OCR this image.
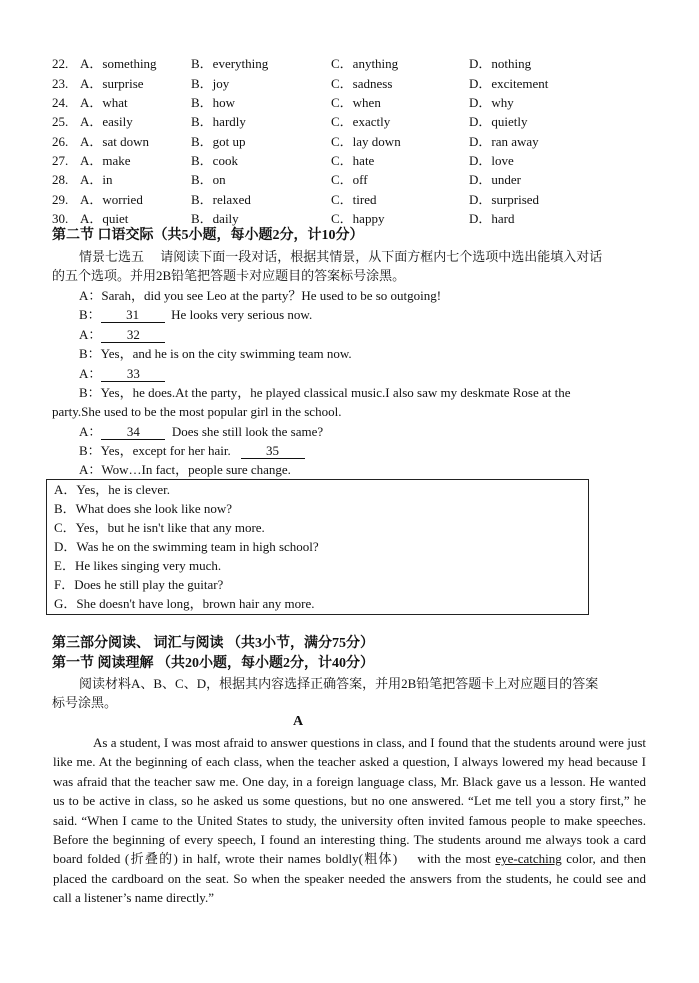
22. A．something	B．everything	C．anything	D．nothing
23. A．surprise	B．joy	C．sadness	D．excitement
24. A．what	B．how	C．when	D．why
25. A．easily	B．hardly	C．exactly	D．quietly
26. A．sat down	B．got up	C．lay down	D．ran away
27. A．make	B．cook	C．hate	D．love
28. A．in	B．on	C．off	D．under
29. A．worried	B．relaxed	C．tired	D．surprised
30. A．quiet	B．daily	C．happy	D．hard
第二节 口语交际（共5小题，每小题2分，计10分）
情景七选五　 请阅读下面一段对话，根据其情景，从下面方框内七个选项中选出能填入对话
的五个选项。并用2B铅笔把答题卡对应题目的答案标号涂黑。
A：Sarah，did you see Leo at the party？He used to be so outgoing!
B： 31 He looks very serious now.
A： 32
B：Yes，and he is on the city swimming team now.
A： 33
B：Yes，he does.At the party，he played classical music.I also saw my deskmate Rose at the
party.She used to be the most popular girl in the school.
A： 34 Does she still look the same?
B：Yes，except for her hair.	35
A：Wow…In fact，people sure change.
A．Yes，he is clever.
B．What does she look like now?
C．Yes，but he isn't like that any more.
D．Was he on the swimming team in high school?
E．He likes singing very much.
F．Does he still play the guitar?
G．She doesn't have long，brown hair any more.
第三部分阅读、 词汇与阅读 （共3小节，满分75分）
第一节 阅读理解 （共20小题，每小题2分，计40分）
阅读材料A、B、C、D，根据其内容选择正确答案，并用2B铅笔把答题卡上对应题目的答案
标号涂黑。
A
As a student, I was most afraid to answer questions in class, and I found that the students around were just like me. At the beginning of each class, when the teacher asked a question, I always lowered my head because I was afraid that the teacher saw me. One day, in a foreign language class, Mr. Black gave us a lesson. He wanted us to be active in class, so he asked us some questions, but no one answered. “Let me tell you a story first,” he said. “When I came to the United States to study, the university often invited famous people to make speeches. Before the beginning of every speech, I found an interesting thing. The students around me always took a card board folded (折叠的) in half, wrote their names boldly(粗体)　 with the most eye-catching color, and then placed the cardboard on the seat. So when the speaker needed the answers from the students, he could see and call a listener’s name directly.”
